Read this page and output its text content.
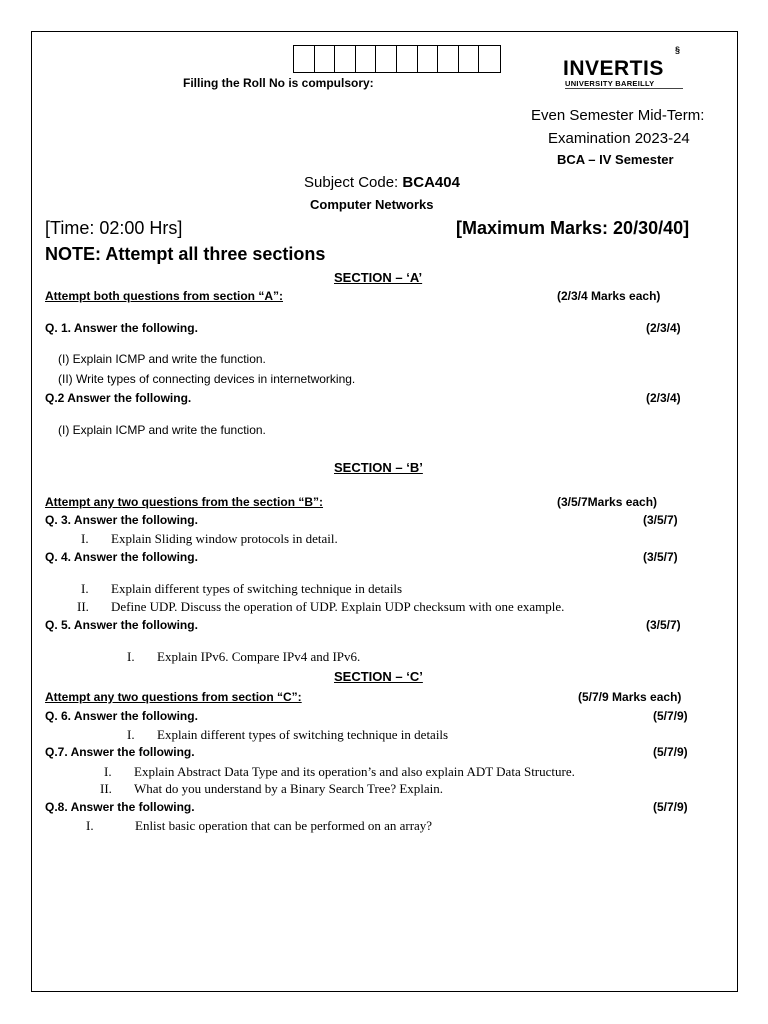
Filling the Roll No is compulsory:
§
INVERTIS
UNIVERSITY BAREILLY
Even Semester Mid-Term:
Examination 2023-24
BCA – IV Semester
Subject Code: BCA404
Computer Networks
[Time: 02:00 Hrs]	[Maximum Marks: 20/30/40]
NOTE: Attempt all three sections
SECTION – ‘A’
Attempt both questions from section “A”:	(2/3/4 Marks each)
Q. 1. Answer the following.	(2/3/4)
(I) Explain ICMP and write the function.
(II) Write types of connecting devices in internetworking.
Q.2 Answer the following.	(2/3/4)
(I) Explain ICMP and write the function.
SECTION – ‘B’
Attempt any two questions from the section “B”:	(3/5/7Marks each)
Q. 3. Answer the following.	(3/5/7)
I. Explain Sliding window protocols in detail.
Q. 4. Answer the following.	(3/5/7)
I. Explain different types of switching technique in details
II. Define UDP. Discuss the operation of UDP. Explain UDP checksum with one example.
Q. 5. Answer the following.	(3/5/7)
I. Explain IPv6. Compare IPv4 and IPv6.
SECTION – ‘C’
Attempt any two questions from section “C”:	(5/7/9 Marks each)
Q. 6. Answer the following.	(5/7/9)
I. Explain different types of switching technique in details
Q.7. Answer the following.	(5/7/9)
I. Explain Abstract Data Type and its operation’s and also explain ADT Data Structure.
II. What do you understand by a Binary Search Tree? Explain.
Q.8. Answer the following.	(5/7/9)
I.	Enlist basic operation that can be performed on an array?
